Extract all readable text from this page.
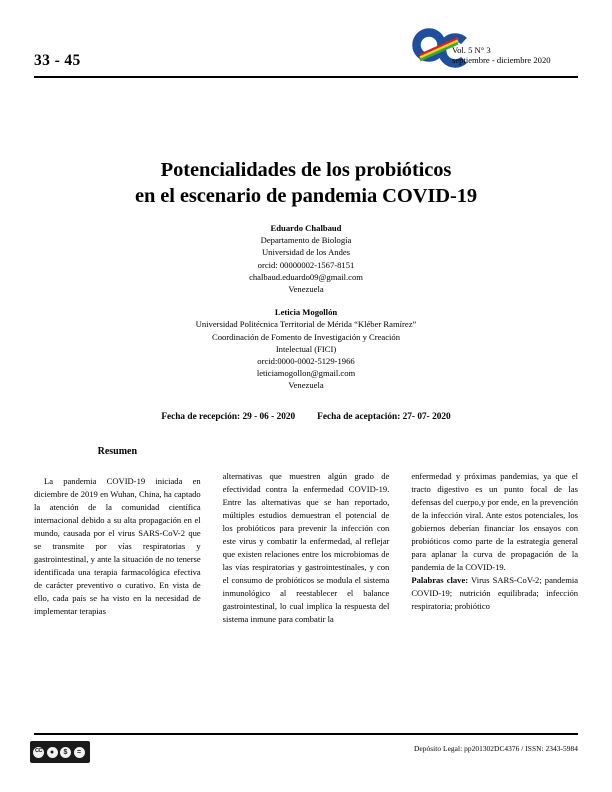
33 - 45
Vol. 5 N° 3
septiembre - diciembre 2020
Potencialidades de los probióticos
en el escenario de pandemia COVID-19
Eduardo Chalbaud
Departamento de Biología
Universidad de los Andes
orcid: 00000002-1567-8151
chalbaud.eduardo09@gmail.com
Venezuela
Leticia Mogollón
Universidad Politécnica Territorial de Mérida “Kléber Ramírez”
Coordinación de Fomento de Investigación y Creación
Intelectual (FICI)
orcid:0000-0002-5129-1966
leticiamogollon@gmail.com
Venezuela
Fecha de recepción: 29 - 06 - 2020 Fecha de aceptación: 27- 07- 2020
Resumen

La pandemia COVID-19 iniciada en diciembre de 2019 en Wuhan, China, ha captado la atención de la comunidad científica internacional debido a su alta propagación en el mundo, causada por el virus SARS-CoV-2 que se transmite por vías respiratorias y gastrointestinal, y ante la situación de no tenerse identificada una terapia farmacológica efectiva de carácter preventivo o curativo. En vista de ello, cada país se ha visto en la necesidad de implementar terapias

alternativas que muestren algún grado de efectividad contra la enfermedad COVID-19. Entre las alternativas que se han reportado, múltiples estudios demuestran el potencial de los probióticos para prevenir la infección con este virus y combatir la enfermedad, al reflejar que existen relaciones entre los microbiomas de las vías respiratorias y gastrointestinales, y con el consumo de probióticos se modula el sistema inmunológico al reestablecer el balance gastrointestinal, lo cual implica la respuesta del sistema inmune para combatir la

enfermedad y próximas pandemias, ya que el tracto digestivo es un punto focal de las defensas del cuerpo,y por ende, en la prevención de la infección viral. Ante estos potenciales, los gobiernos deberían financiar los ensayos con probióticos como parte de la estrategia general para aplanar la curva de propagación de la pandemia de la COVID-19.

Palabras clave: Virus SARS-CoV-2; pandemia COVID-19; nutrición equilibrada; infección respiratoria; probiótico

CC	●	$	=	Depósito Legal: pp201302DC4376 / ISSN: 2343-5984
